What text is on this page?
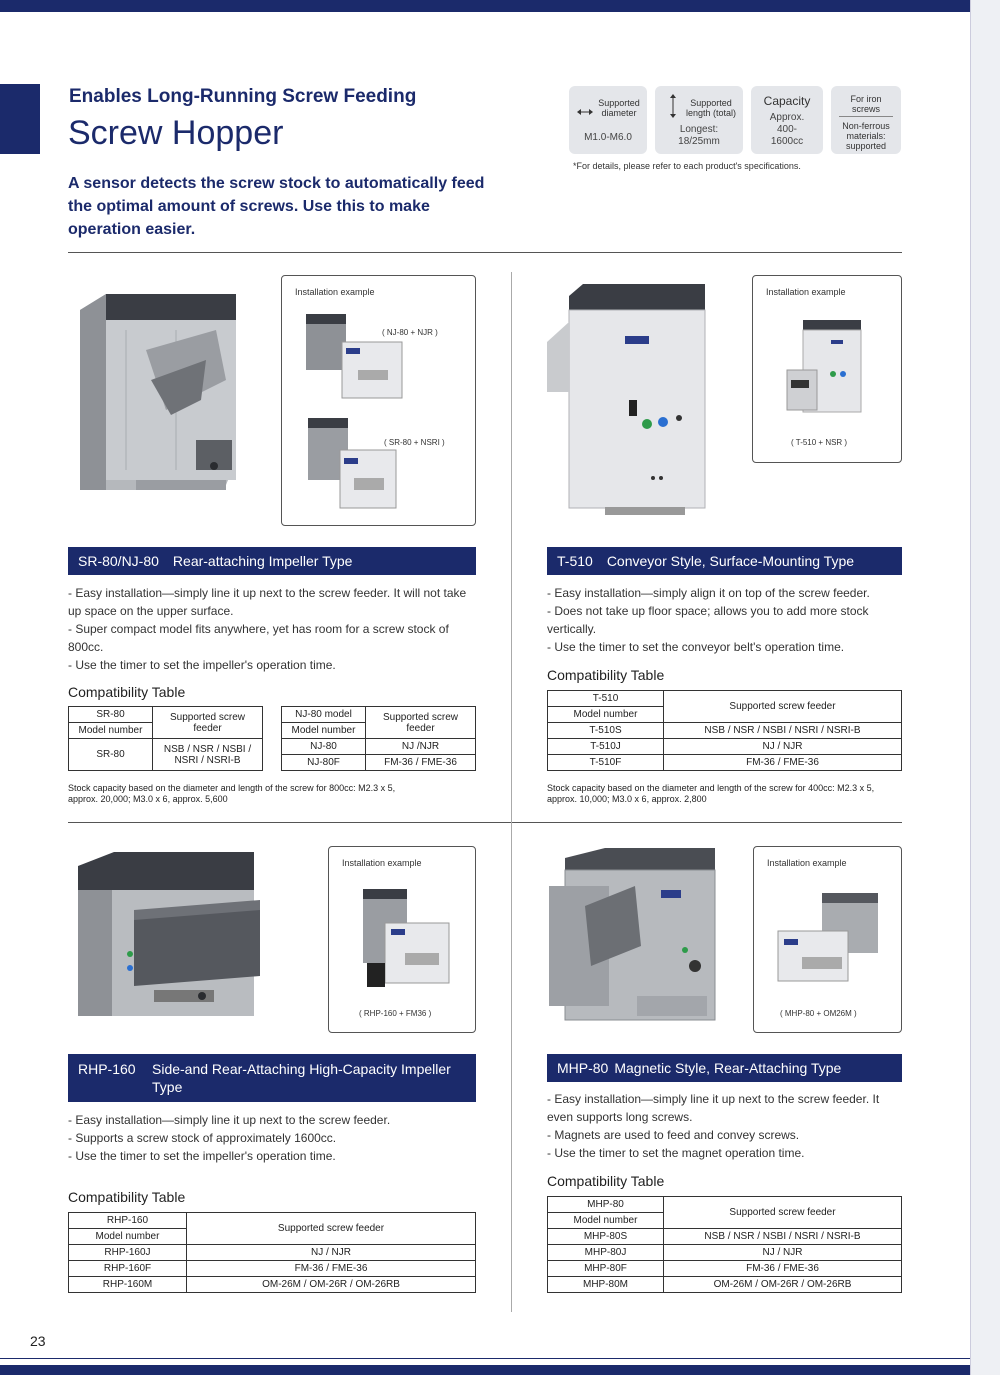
Enables Long-Running Screw Feeding
Screw Hopper
A sensor detects the screw stock to automatically feed the optimal amount of screws. Use this to make operation easier.
Supported diameter
M1.0-M6.0
Supported length (total)
Longest: 18/25mm
Capacity
Approx. 400-1600cc
For iron screws
Non-ferrous materials: supported
*For details, please refer to each product's specifications.
Installation example
( NJ-80 + NJR )
( SR-80 + NSRI )
SR-80/NJ-80 Rear-attaching Impeller Type
- Easy installation—simply line it up next to the screw feeder. It will not take up space on the upper surface.
- Super compact model fits anywhere, yet has room for a screw stock of 800cc.
- Use the timer to set the impeller's operation time.
Compatibility Table
SR-80	Supported screw feeder
Model number	
SR-80	NSB / NSR / NSBI / NSRI / NSRI-B
NJ-80 model	Supported screw feeder
Model number	
NJ-80	NJ /NJR
NJ-80F	FM-36 / FME-36
Stock capacity based on the diameter and length of the screw for 800cc: M2.3 x 5, approx. 20,000; M3.0 x 6, approx. 5,600
Installation example
( T-510 + NSR )
T-510 Conveyor Style, Surface-Mounting Type
- Easy installation—simply align it on top of the screw feeder.
- Does not take up floor space; allows you to add more stock vertically.
- Use the timer to set the conveyor belt's operation time.
Compatibility Table
T-510	Supported screw feeder
Model number	
T-510S	NSB / NSR / NSBI / NSRI / NSRI-B
T-510J	NJ / NJR
T-510F	FM-36 / FME-36
Stock capacity based on the diameter and length of the screw for 400cc: M2.3 x 5, approx. 10,000; M3.0 x 6, approx. 2,800
Installation example
( RHP-160 + FM36 )
RHP-160	Side-and Rear-Attaching High-Capacity Impeller Type
- Easy installation—simply line it up next to the screw feeder.
- Supports a screw stock of approximately 1600cc.
- Use the timer to set the impeller's operation time.
Compatibility Table
RHP-160	Supported screw feeder
Model number	
RHP-160J	NJ / NJR
RHP-160F	FM-36 / FME-36
RHP-160M	OM-26M / OM-26R / OM-26RB
Installation example
( MHP-80 + OM26M )
MHP-80 Magnetic Style, Rear-Attaching Type
- Easy installation—simply line it up next to the screw feeder. It even supports long screws.
- Magnets are used to feed and convey screws.
- Use the timer to set the magnet operation time.
Compatibility Table
MHP-80	Supported screw feeder
Model number	
MHP-80S	NSB / NSR / NSBI / NSRI / NSRI-B
MHP-80J	NJ / NJR
MHP-80F	FM-36 / FME-36
MHP-80M	OM-26M / OM-26R / OM-26RB
23
